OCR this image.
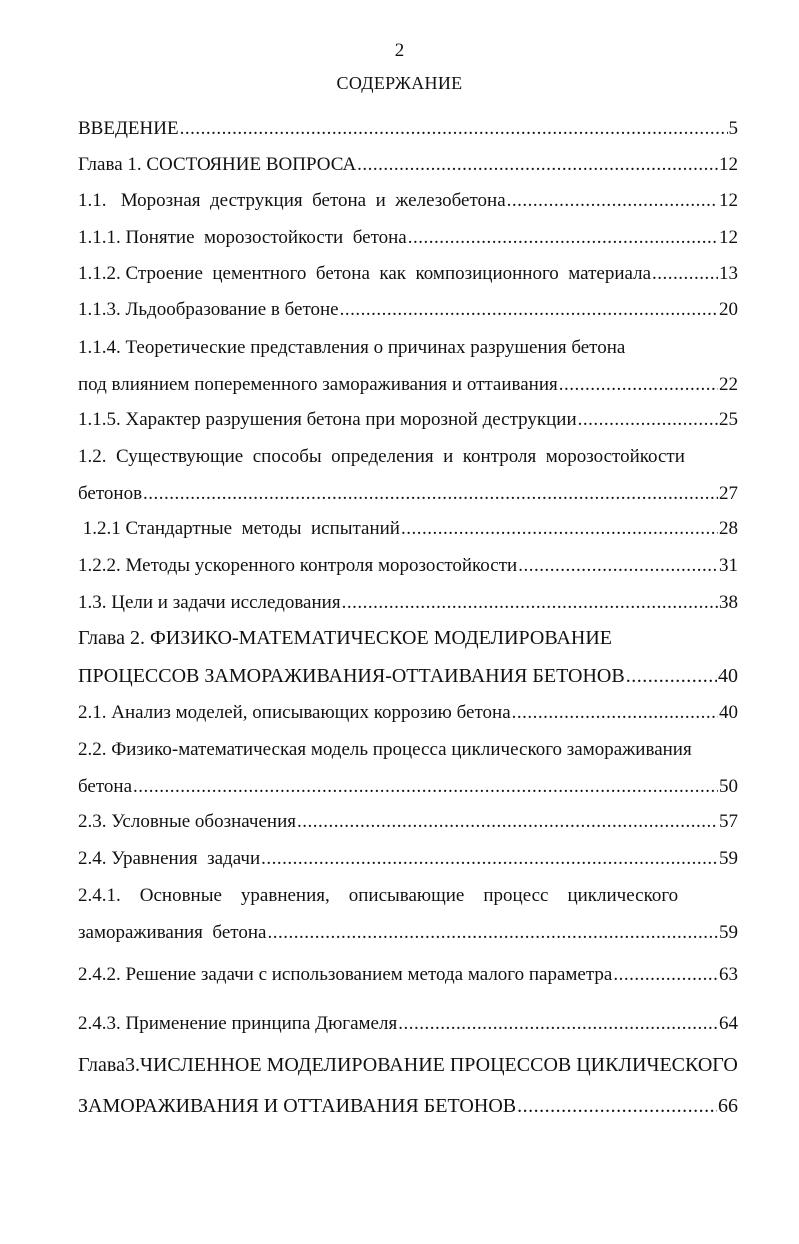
2
СОДЕРЖАНИЕ
ВВЕДЕНИЕ .....	5
Глава 1. СОСТОЯНИЕ ВОПРОСА .....	12
1.1.   Морозная  деструкция  бетона  и  железобетона .....	12
1.1.1. Понятие  морозостойкости  бетона .....	12
1.1.2. Строение  цементного  бетона  как  композиционного  материала .....	13
1.1.3. Льдообразование в бетоне .....	20
1.1.4. Теоретические представления о причинах разрушения бетона
под влиянием попеременного замораживания и оттаивания .....	22
1.1.5. Характер разрушения бетона при морозной деструкции .....	25
1.2.  Существующие  способы  определения  и  контроля  морозостойкости
бетонов .....	27
1.2.1 Стандартные  методы  испытаний .....	28
1.2.2. Методы ускоренного контроля морозостойкости .....	31
1.3. Цели и задачи исследования .....	38
Глава 2. ФИЗИКО-МАТЕМАТИЧЕСКОЕ МОДЕЛИРОВАНИЕ
ПРОЦЕССОВ ЗАМОРАЖИВАНИЯ-ОТТАИВАНИЯ БЕТОНОВ .....	40
2.1. Анализ моделей, описывающих коррозию бетона .....	40
2.2. Физико-математическая модель процесса циклического замораживания
бетона .....	50
2.3. Условные обозначения .....	57
2.4. Уравнения  задачи .....	59
2.4.1.    Основные    уравнения,    описывающие    процесс    циклического
замораживания  бетона .....	59
2.4.2. Решение задачи с использованием метода малого параметра .....	63
2.4.3. Применение принципа Дюгамеля .....	64
Глава3.ЧИСЛЕННОЕ МОДЕЛИРОВАНИЕ ПРОЦЕССОВ ЦИКЛИЧЕСКОГО
ЗАМОРАЖИВАНИЯ И ОТТАИВАНИЯ БЕТОНОВ .....	66
